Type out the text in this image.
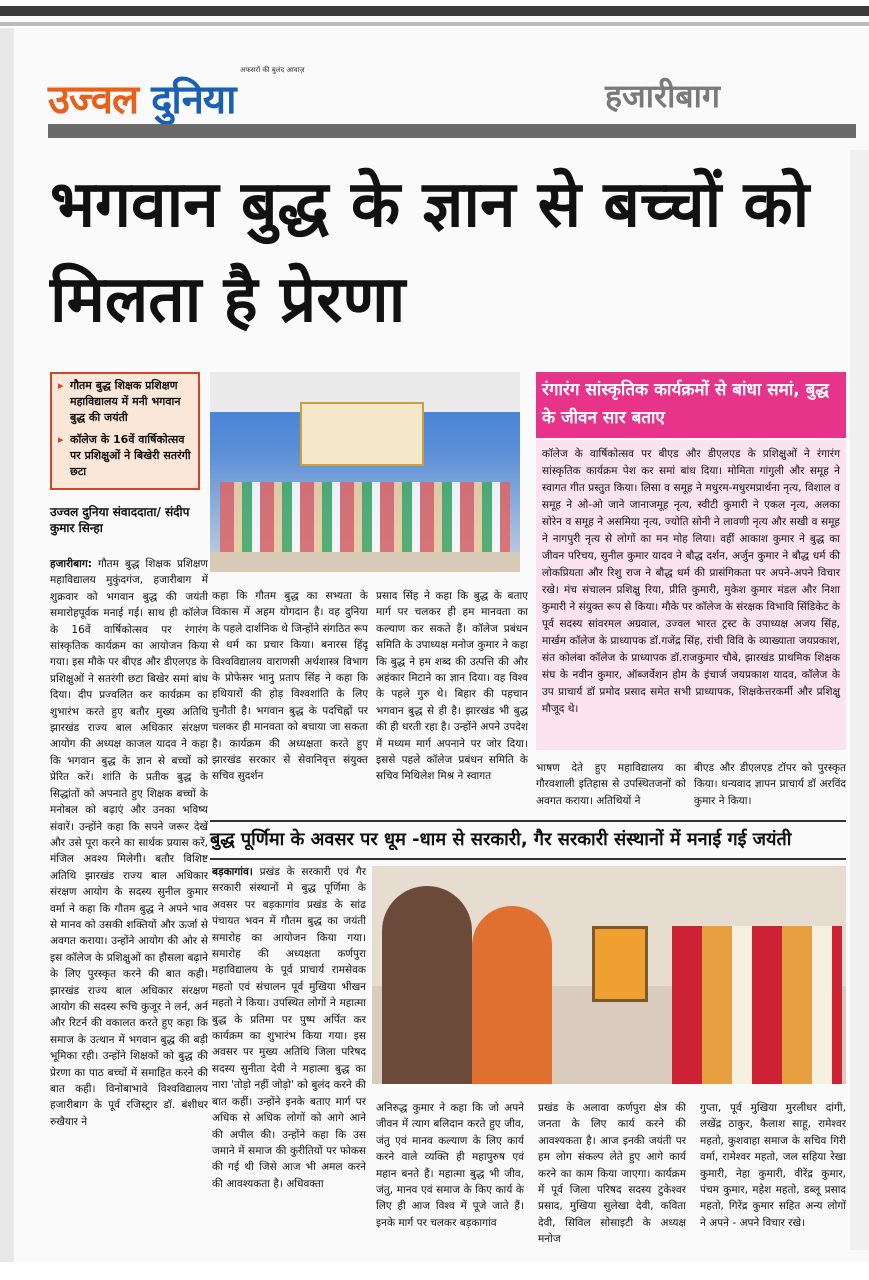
उज्वल दुनिया
अफसरों की बुलंद आवाज़
हजारीबाग
भगवान बुद्ध के ज्ञान से बच्चों को मिलता है प्रेरणा
▸ गौतम बुद्ध शिक्षक प्रशिक्षण महाविद्यालय में मनी भगवान बुद्ध की जयंती
▸ कॉलेज के 16वें वार्षिकोत्सव पर प्रशिक्षुओं ने बिखेरी सतरंगी छटा
उज्वल दुनिया संवाददाता/ संदीप कुमार सिन्हा
रंगारंग सांस्कृतिक कार्यक्रमों से बांधा समां, बुद्ध के जीवन सार बताए
कॉलेज के वार्षिकोत्सव पर बीएड और डीएलएड के प्रशिक्षुओं ने रंगारंग सांस्कृतिक कार्यक्रम पेश कर समां बांध दिया। मोमिता गांगुली और समूह ने स्वागत गीत प्रस्तुत किया। लिसा व समूह ने मधुरम-मधुरमप्रार्थना नृत्य, विशाल व समूह ने ओ-ओ जाने जानाजमूह नृत्य, स्वीटी कुमारी ने एकल नृत्य, अलका सोरेन व समूह ने असमिया नृत्य, ज्योति सोनी ने लावणी नृत्य और सखी व समूह ने नागपुरी नृत्य से लोगों का मन मोह लिया। वहीं आकाश कुमार ने बुद्ध का जीवन परिचय, सुनील कुमार यादव ने बौद्ध दर्शन, अर्जुन कुमार ने बौद्ध धर्म की लोकप्रियता और रिशु राज ने बौद्ध धर्म की प्रासंगिकता पर अपने-अपने विचार रखे। मंच संचालन प्रशिक्षु रिया, प्रीति कुमारी, मुकेश कुमार मंडल और निशा कुमारी ने संयुक्त रूप से किया। मौके पर कॉलेज के संरक्षक विभावि सिंडिकेट के पूर्व सदस्य सांवरमल अग्रवाल, उज्वल भारत ट्रस्ट के उपाध्यक्ष अजय सिंह, मार्खम कॉलेज के प्राध्यापक डॉ.गजेंद्र सिंह, रांची विवि के व्याख्याता जयप्रकाश, संत कोलंबा कॉलेज के प्राध्यापक डॉ.राजकुमार चौबे, झारखंड प्राथमिक शिक्षक संघ के नवीन कुमार, ऑब्जर्वेशन होम के इंचार्ज जयप्रकाश यादव, कॉलेज के उप प्राचार्य डॉ प्रमोद प्रसाद समेत सभी प्राध्यापक, शिक्षकेत्तरकर्मी और प्रशिक्षु मौजूद थे।
हजारीबाग: गौतम बुद्ध शिक्षक प्रशिक्षण महाविद्यालय मुकुंदगंज, हजारीबाग में शुक्रवार को भगवान बुद्ध की जयंती समारोहपूर्वक मनाई गई। साथ ही कॉलेज के 16वें वार्षिकोत्सव पर रंगारंग सांस्कृतिक कार्यक्रम का आयोजन किया गया। इस मौके पर बीएड और डीएलएड के प्रशिक्षुओं ने सतरंगी छटा बिखेर समां बांध दिया। दीप प्रज्वलित कर कार्यक्रम का शुभारंभ करते हुए बतौर मुख्य अतिथि झारखंड राज्य बाल अधिकार संरक्षण आयोग की अध्यक्ष काजल यादव ने कहा कि भगवान बुद्ध के ज्ञान से बच्चों को प्रेरित करें। शांति के प्रतीक बुद्ध के सिद्धांतों को अपनाते हुए शिक्षक बच्चों के मनोबल को बढ़ाएं और उनका भविष्य संवारें। उन्होंने कहा कि सपने जरूर देखें और उसे पूरा करने का सार्थक प्रयास करें, मंजिल अवश्य मिलेगी। बतौर विशिष्ट अतिथि झारखंड राज्य बाल अधिकार संरक्षण आयोग के सदस्य सुनील कुमार वर्मा ने कहा कि गौतम बुद्ध ने अपने भाव से मानव को उसकी शक्तियों और ऊर्जा से अवगत कराया। उन्होंने आयोग की ओर से इस कॉलेज के प्रशिक्षुओं का हौसला बढ़ाने के लिए पुरस्कृत करने की बात कही। झारखंड राज्य बाल अधिकार संरक्षण आयोग की सदस्य रूचि कुजूर ने लर्न, अर्न और रिटर्न की वकालत करते हुए कहा कि समाज के उत्थान में भगवान बुद्ध की बड़ी भूमिका रही। उन्होंने शिक्षकों को बुद्ध की प्रेरणा का पाठ बच्चों में समाहित करने की बात कही। विनोबाभावे विश्वविद्यालय हजारीबाग के पूर्व रजिस्ट्रार डॉ. बंशीधर रुखैयार ने
कहा कि गौतम बुद्ध का सभ्यता के विकास में अहम योगदान है। वह दुनिया के पहले दार्शनिक थे जिन्होंने संगठित रूप से धर्म का प्रचार किया। बनारस हिंदू विश्वविद्यालय वाराणसी अर्थशास्त्र विभाग के प्रोफेसर भानु प्रताप सिंह ने कहा कि हथियारों की होड़ विश्वशांति के लिए चुनौती है। भगवान बुद्ध के पदचिह्नों पर चलकर ही मानवता को बचाया जा सकता है। कार्यक्रम की अध्यक्षता करते हुए झारखंड सरकार से सेवानिवृत्त संयुक्त सचिव सुदर्शन
प्रसाद सिंह ने कहा कि बुद्ध के बताए मार्ग पर चलकर ही हम मानवता का कल्याण कर सकते हैं। कॉलेज प्रबंधन समिति के उपाध्यक्ष मनोज कुमार ने कहा कि बुद्ध ने हम शब्द की उत्पत्ति की और अहंकार मिटाने का ज्ञान दिया। वह विश्व के पहले गुरु थे। बिहार की पहचान भगवान बुद्ध से ही है। झारखंड भी बुद्ध की ही धरती रहा है। उन्होंने अपने उपदेश में मध्यम मार्ग अपनाने पर जोर दिया। इससे पहले कॉलेज प्रबंधन समिति के सचिव मिथिलेश मिश्र ने स्वागत
भाषण देते हुए महाविद्यालय का गौरवशाली इतिहास से उपस्थितजनों को अवगत कराया। अतिथियों ने
बीएड और डीएलएड टॉपर को पुरस्कृत किया। धन्यवाद ज्ञापन प्राचार्य डॉ अरविंद कुमार ने किया।
बुद्ध पूर्णिमा के अवसर पर धूम -धाम से सरकारी, गैर सरकारी संस्थानों में मनाई गई जयंती
बड़कागांव। प्रखंड के सरकारी एवं गैर सरकारी संस्थानों मे बुद्ध पूर्णिमा के अवसर पर बड़कागांव प्रखंड के सांढ पंचायत भवन में गौतम बुद्ध का जयंती समारोह का आयोजन किया गया। समारोह की अध्यक्षता कर्णपुरा महाविद्यालय के पूर्व प्राचार्य रामसेवक महतो एवं संचालन पूर्व मुखिया भीखन महतो ने किया। उपस्थित लोगों ने महात्मा बुद्ध के प्रतिमा पर पुष्प अर्पित कर कार्यक्रम का शुभारंभ किया गया। इस अवसर पर मुख्य अतिथि जिला परिषद सदस्य सुनीता देवी ने महात्मा बुद्ध का नारा 'तोड़ो नहीं जोड़ो' को बुलंद करने की बात कहीं। उन्होंने इनके बताए मार्ग पर अधिक से अधिक लोगों को आगे आने की अपील की। उन्होंने कहा कि उस जमाने में समाज की कुरीतियों पर फोकस की गई थी जिसे आज भी अमल करने की आवश्यकता है। अधिवक्ता
अनिरुद्ध कुमार ने कहा कि जो अपने जीवन में त्याग बलिदान करते हुए जीव, जंतु एवं मानव कल्याण के लिए कार्य करने वाले व्यक्ति ही महापुरुष एवं महान बनते हैं। महात्मा बुद्ध भी जीव, जंतु, मानव एवं समाज के किए कार्य के लिए ही आज विश्व में पूजे जाते हैं। इनके मार्ग पर चलकर बड़कागांव
प्रखंड के अलावा कर्णपुरा क्षेत्र की जनता के लिए कार्य करने की आवश्यकता है। आज इनकी जयंती पर हम लोग संकल्प लेते हुए आगे कार्य करने का काम किया जाएगा। कार्यक्रम में पूर्व जिला परिषद सदस्य टुकेश्वर प्रसाद, मुखिया सुलेखा देवी, कविता देवी, सिविल सोसाइटी के अध्यक्ष मनोज
गुप्ता, पूर्व मुखिया मुरलीधर दांगी, लखेंद्र ठाकुर, कैलाश साहू, रामेश्वर महतो, कुशवाहा समाज के सचिव गिरी वर्मा, रामेश्वर महतो, जल सहिया रेखा कुमारी, नेहा कुमारी, वीरेंद्र कुमार, पंचम कुमार, महेश महतो, डब्लू प्रसाद महतो, गिरेंद्र कुमार सहित अन्य लोगों ने अपने - अपने विचार रखे।
